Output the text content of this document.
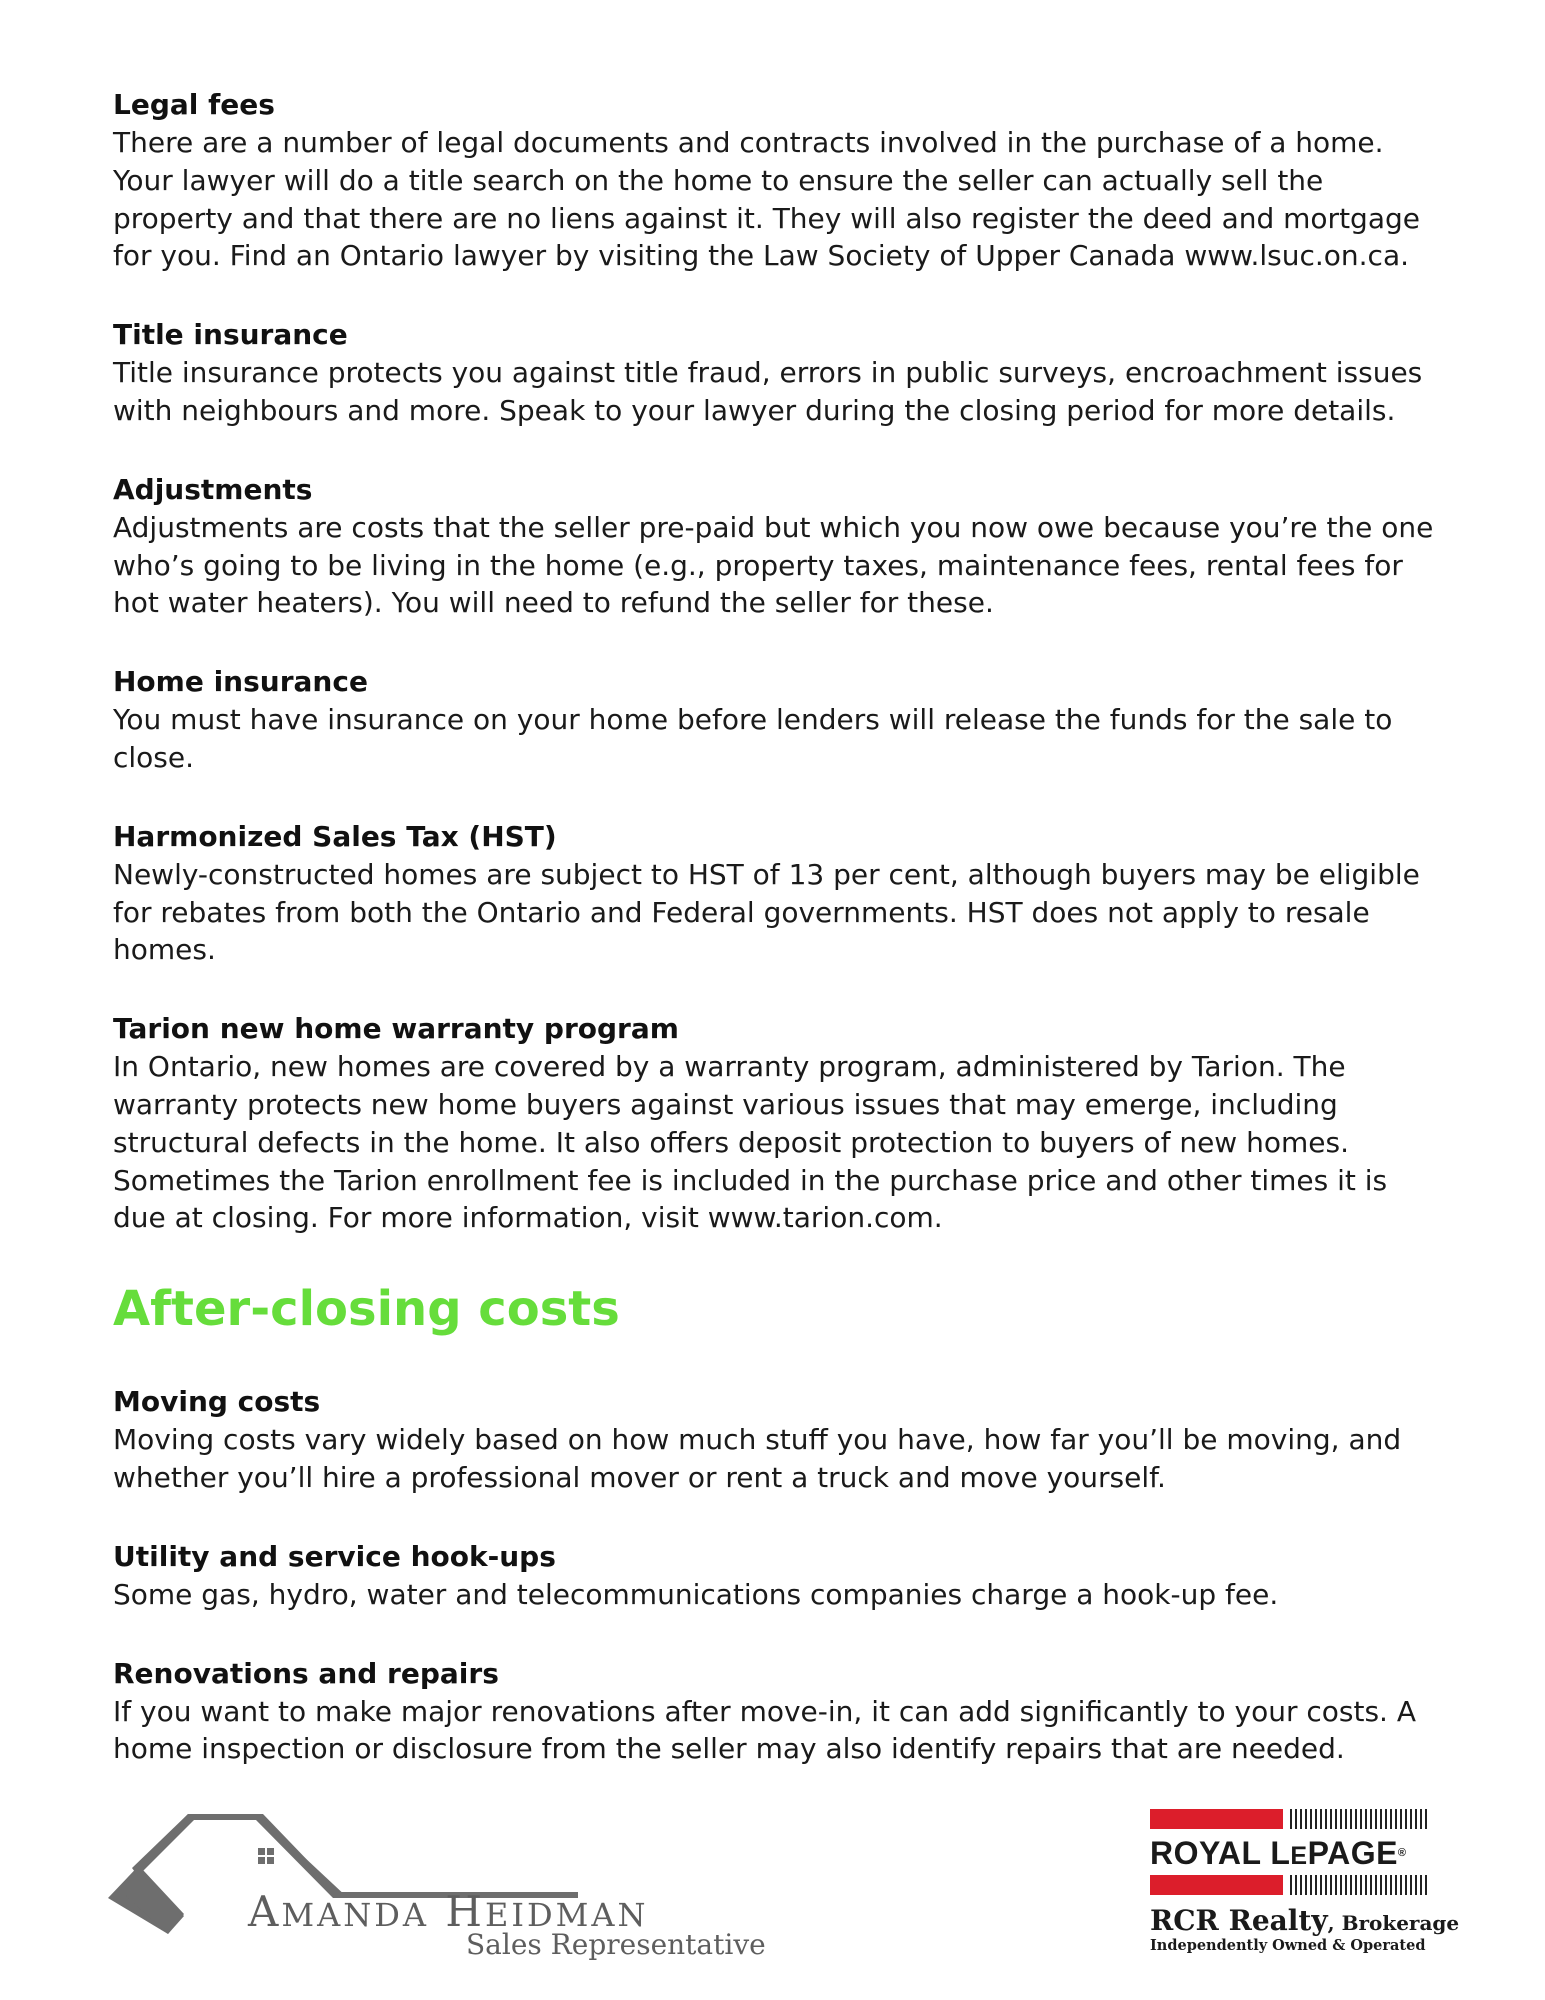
Legal fees

There are a number of legal documents and contracts involved in the purchase of a home. Your lawyer will do a title search on the home to ensure the seller can actually sell the property and that there are no liens against it. They will also register the deed and mortgage for you. Find an Ontario lawyer by visiting the Law Society of Upper Canada www.lsuc.on.ca.

Title insurance

Title insurance protects you against title fraud, errors in public surveys, encroachment issues with neighbours and more. Speak to your lawyer during the closing period for more details.

Adjustments

Adjustments are costs that the seller pre-paid but which you now owe because you’re the one who’s going to be living in the home (e.g., property taxes, maintenance fees, rental fees for hot water heaters). You will need to refund the seller for these.

Home insurance

You must have insurance on your home before lenders will release the funds for the sale to close.

Harmonized Sales Tax (HST)

Newly-constructed homes are subject to HST of 13 per cent, although buyers may be eligible for rebates from both the Ontario and Federal governments. HST does not apply to resale homes.

Tarion new home warranty program

In Ontario, new homes are covered by a warranty program, administered by Tarion. The warranty protects new home buyers against various issues that may emerge, including structural defects in the home. It also offers deposit protection to buyers of new homes. Sometimes the Tarion enrollment fee is included in the purchase price and other times it is due at closing. For more information, visit www.tarion.com.

After-closing costs
Moving costs

Moving costs vary widely based on how much stuff you have, how far you’ll be moving, and whether you’ll hire a professional mover or rent a truck and move yourself.

Utility and service hook-ups

Some gas, hydro, water and telecommunications companies charge a hook-up fee.

Renovations and repairs

If you want to make major renovations after move-in, it can add significantly to your costs. A home inspection or disclosure from the seller may also identify repairs that are needed.

AMANDA HEIDMAN

Sales Representative

ROYAL LEPAGE®

RCR Realty, Brokerage

Independently Owned & Operated
